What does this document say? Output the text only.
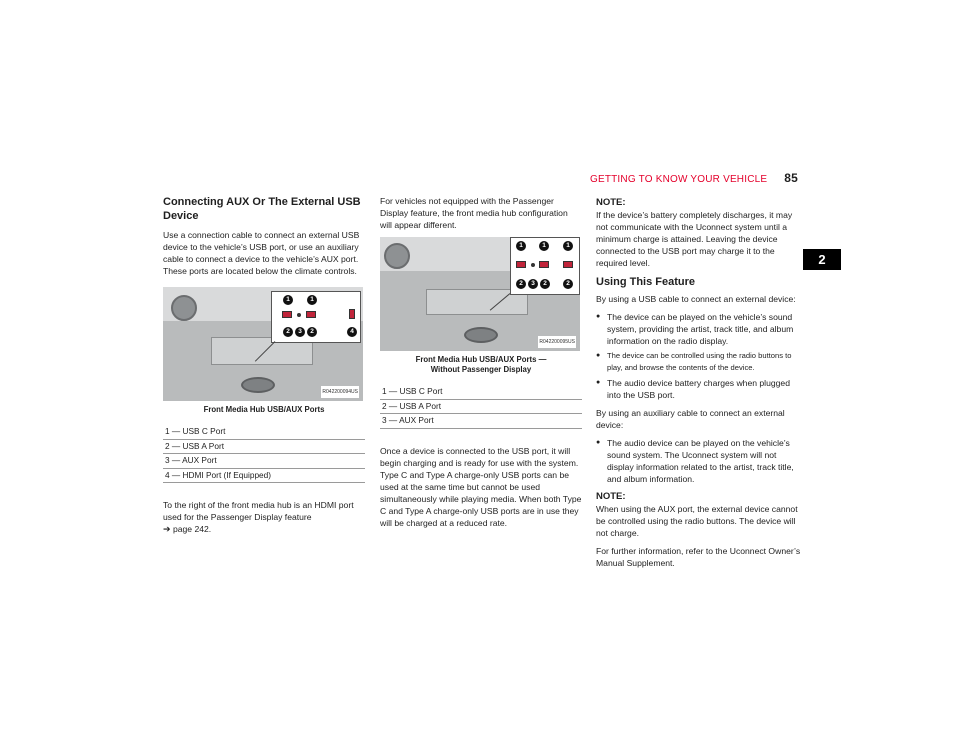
GETTING TO KNOW YOUR VEHICLE 85
2
Connecting AUX Or The External USB Device

Use a connection cable to connect an external USB device to the vehicle’s USB port, or use an auxiliary cable to connect a device to the vehicle’s AUX port. These ports are located below the climate controls.

1	1
2	3	2	4
R042200094US
Front Media Hub USB/AUX Ports
1 — USB C Port
2 — USB A Port
3 — AUX Port
4 — HDMI Port (If Equipped)

To the right of the front media hub is an HDMI port used for the Passenger Display feature
➔ page 242.

For vehicles not equipped with the Passenger Display feature, the front media hub configuration will appear different.

1	1	1
2	3	2	2
R042200095US
Front Media Hub USB/AUX Ports —
Without Passenger Display
1 — USB C Port
2 — USB A Port
3 — AUX Port

Once a device is connected to the USB port, it will begin charging and is ready for use with the system. Type C and Type A charge-only USB ports can be used at the same time but cannot be used simultaneously while playing media. When both Type C and Type A charge-only USB ports are in use they will be charged at a reduced rate.

NOTE:

If the device’s battery completely discharges, it may not communicate with the Uconnect system until a minimum charge is attained. Leaving the device connected to the USB port may charge it to the required level.

Using This Feature

By using a USB cable to connect an external device:

● The device can be played on the vehicle’s sound system, providing the artist, track title, and album information on the radio display.
● The device can be controlled using the radio buttons to play, and browse the contents of the device.
● The audio device battery charges when plugged into the USB port.

By using an auxiliary cable to connect an external device:

● The audio device can be played on the vehicle’s sound system. The Uconnect system will not display information related to the artist, track title, and album information.
NOTE:

When using the AUX port, the external device cannot be controlled using the radio buttons. The device will not charge.

For further information, refer to the Uconnect Owner’s Manual Supplement.
